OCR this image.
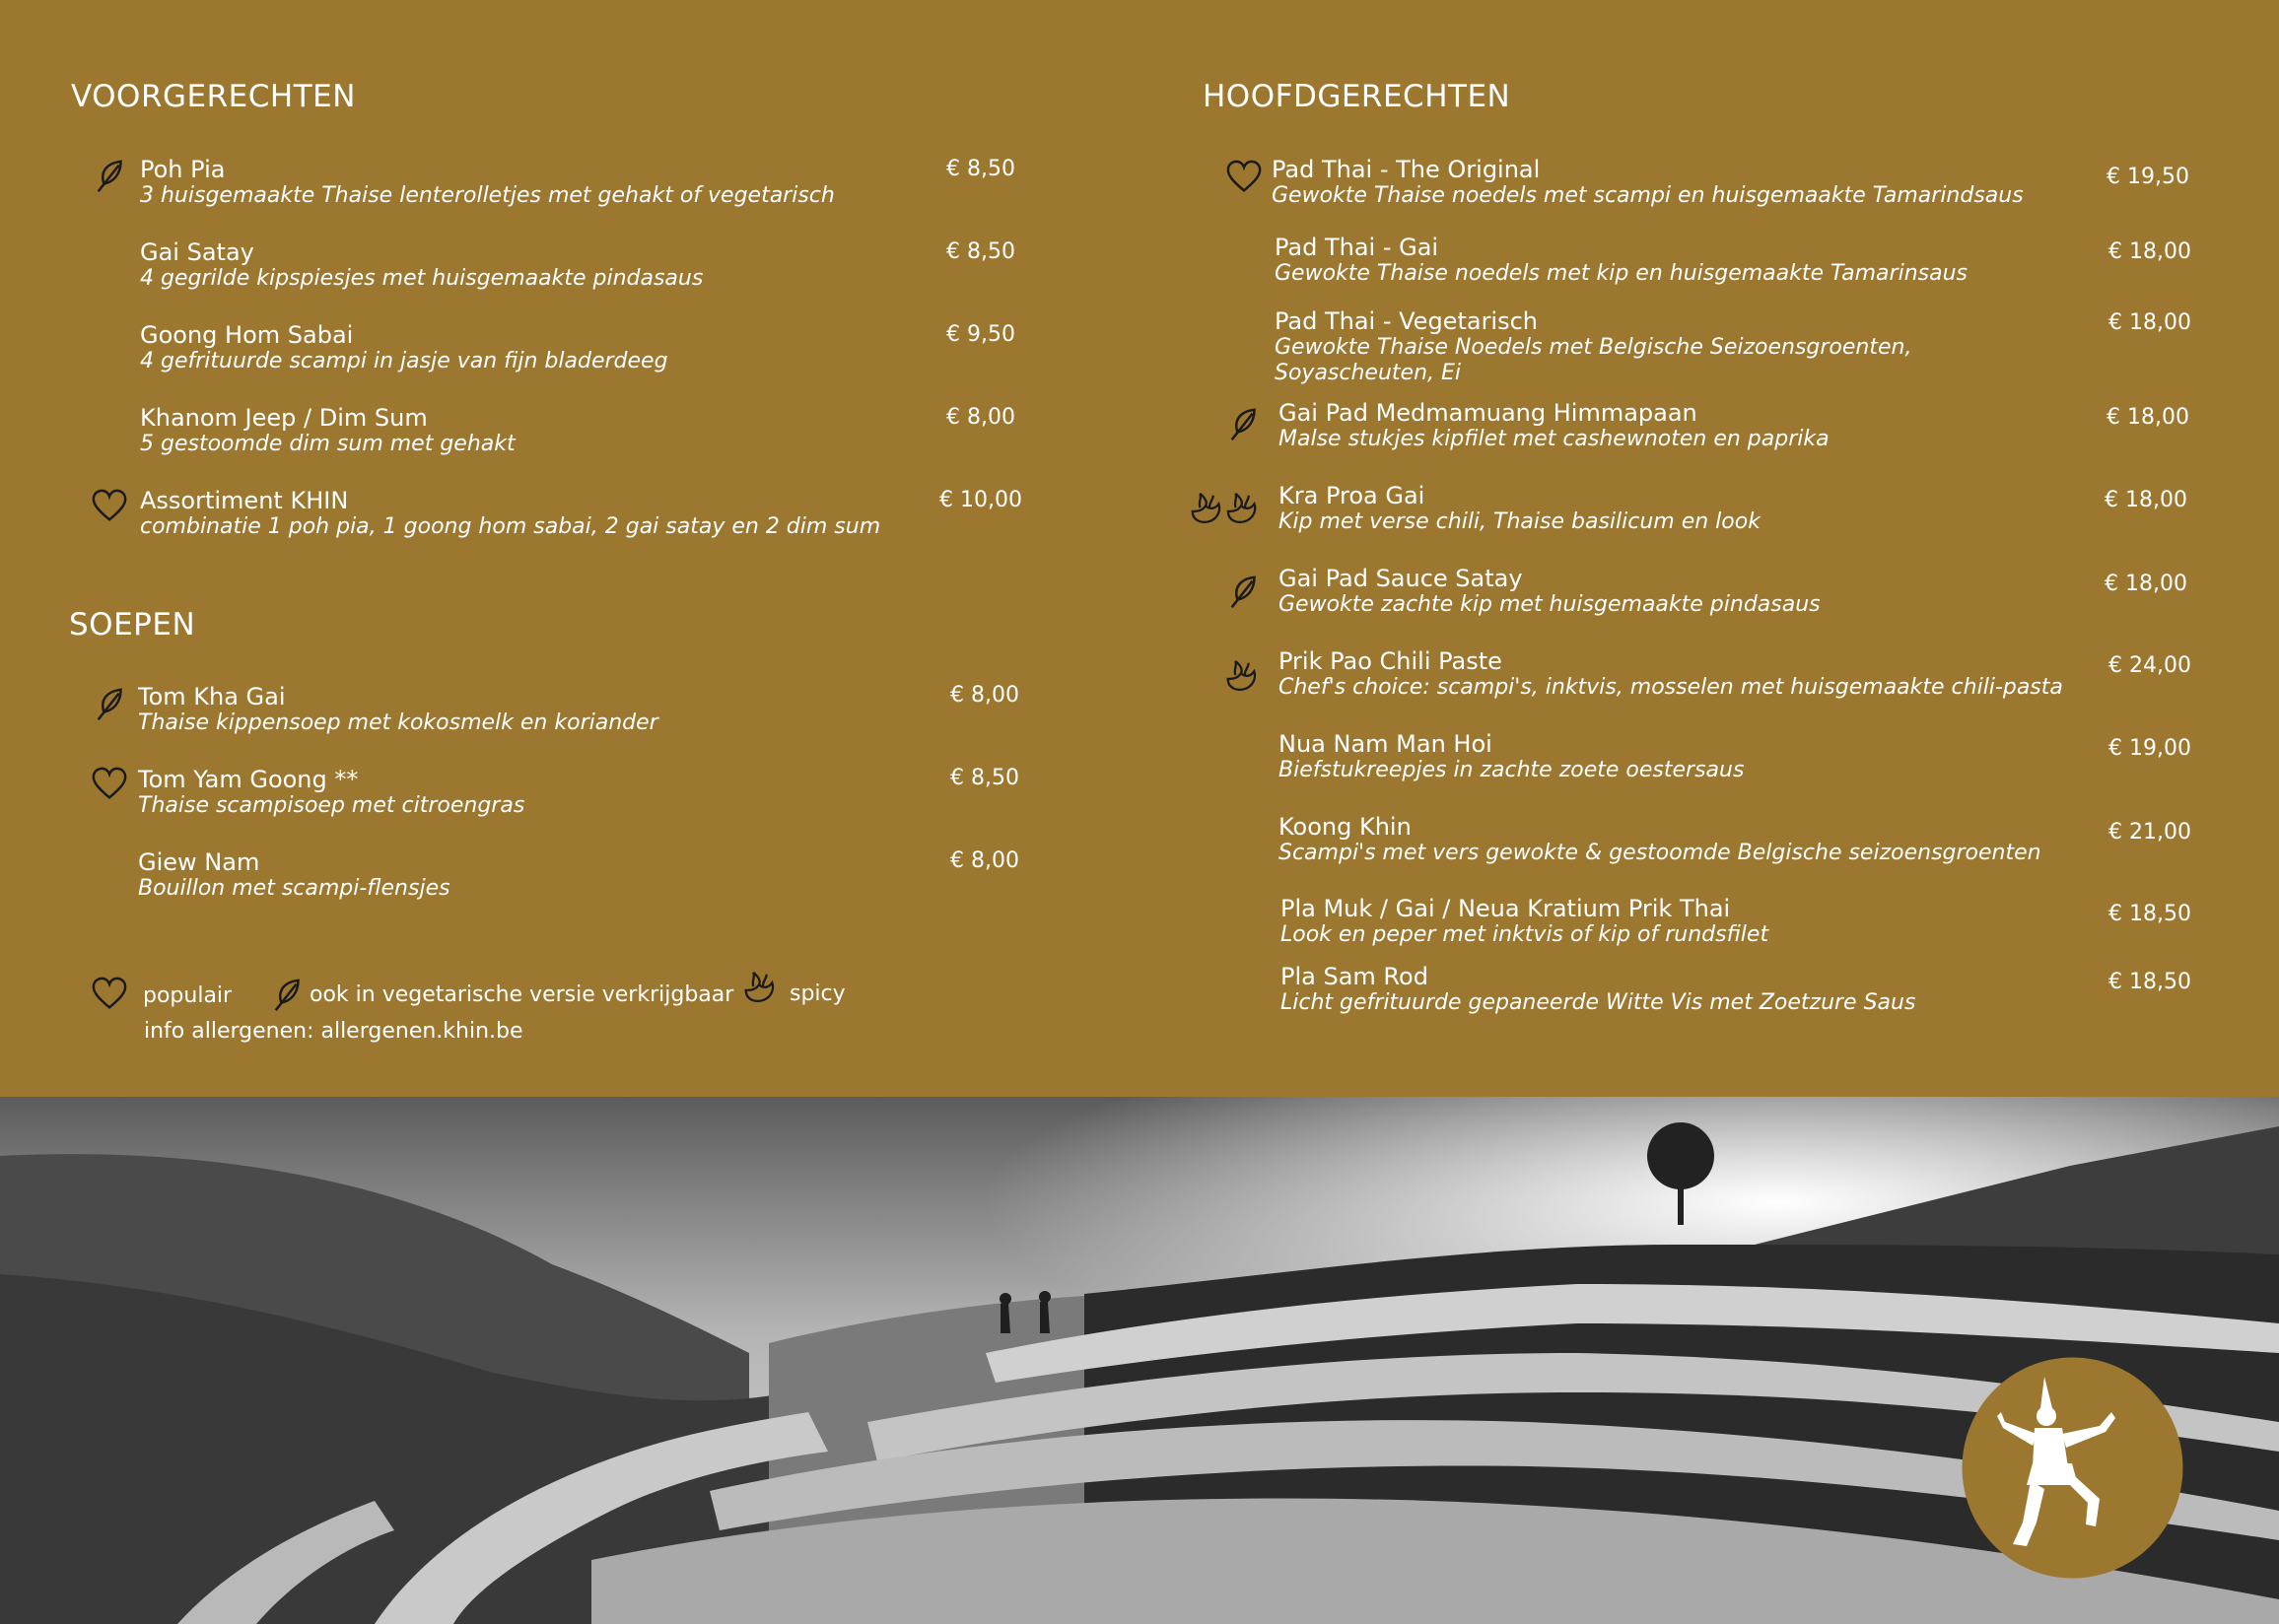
VOORGERECHTEN
Poh Pia
3 huisgemaakte Thaise lenterolletjes met gehakt of vegetarisch
€ 8,50
Gai Satay
4 gegrilde kipspiesjes met huisgemaakte pindasaus
€ 8,50
Goong Hom Sabai
4 gefrituurde scampi in jasje van fijn bladerdeeg
€ 9,50
Khanom Jeep / Dim Sum
5 gestoomde dim sum met gehakt
€ 8,00
Assortiment KHIN
combinatie 1 poh pia, 1 goong hom sabai, 2 gai satay en 2 dim sum
€ 10,00
SOEPEN
Tom Kha Gai
Thaise kippensoep met kokosmelk en koriander
€ 8,00
Tom Yam Goong **
Thaise scampisoep met citroengras
€ 8,50
Giew Nam
Bouillon met scampi-flensjes
€ 8,00
populair	ook in vegetarische versie verkrijgbaar	spicy
info allergenen: allergenen.khin.be
HOOFDGERECHTEN
Pad Thai - The Original
Gewokte Thaise noedels met scampi en huisgemaakte Tamarindsaus
€ 19,50
Pad Thai - Gai
Gewokte Thaise noedels met kip en huisgemaakte Tamarinsaus
€ 18,00
Pad Thai - Vegetarisch
Gewokte Thaise Noedels met Belgische Seizoensgroenten,
Soyascheuten, Ei
€ 18,00
Gai Pad Medmamuang Himmapaan
Malse stukjes kipfilet met cashewnoten en paprika
€ 18,00
Kra Proa Gai
Kip met verse chili, Thaise basilicum en look
€ 18,00
Gai Pad Sauce Satay
Gewokte zachte kip met huisgemaakte pindasaus
€ 18,00
Prik Pao Chili Paste
Chef's choice: scampi's, inktvis, mosselen met huisgemaakte chili-pasta
€ 24,00
Nua Nam Man Hoi
Biefstukreepjes in zachte zoete oestersaus
€ 19,00
Koong Khin
Scampi's met vers gewokte & gestoomde Belgische seizoensgroenten
€ 21,00
Pla Muk / Gai / Neua Kratium Prik Thai
Look en peper met inktvis of kip of rundsfilet
€ 18,50
Pla Sam Rod
Licht gefrituurde gepaneerde Witte Vis met Zoetzure Saus
€ 18,50
